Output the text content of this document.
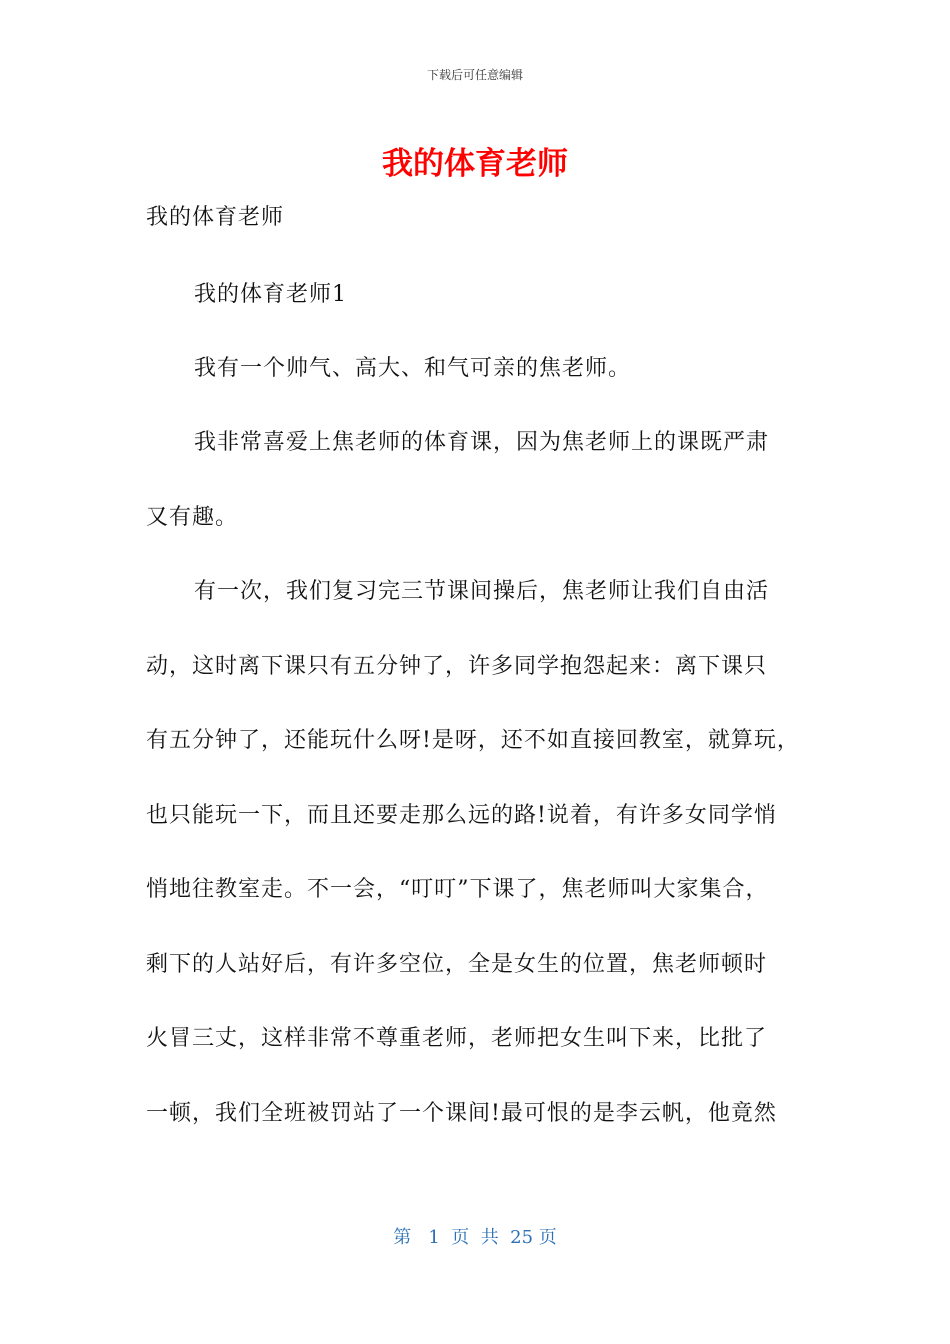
下载后可任意编辑
我的体育老师
我的体育老师
我的体育老师1
我有一个帅气、高大、和气可亲的焦老师。
我非常喜爱上焦老师的体育课，因为焦老师上的课既严肃
又有趣。
有一次，我们复习完三节课间操后，焦老师让我们自由活
动，这时离下课只有五分钟了，许多同学抱怨起来：离下课只
有五分钟了，还能玩什么呀!是呀，还不如直接回教室，就算玩，
也只能玩一下，而且还要走那么远的路!说着，有许多女同学悄
悄地往教室走。不一会，“叮叮”下课了，焦老师叫大家集合，
剩下的人站好后，有许多空位，全是女生的位置，焦老师顿时
火冒三丈，这样非常不尊重老师，老师把女生叫下来，比批了
一顿，我们全班被罚站了一个课间!最可恨的是李云帆，他竟然
第   1  页  共  25 页
